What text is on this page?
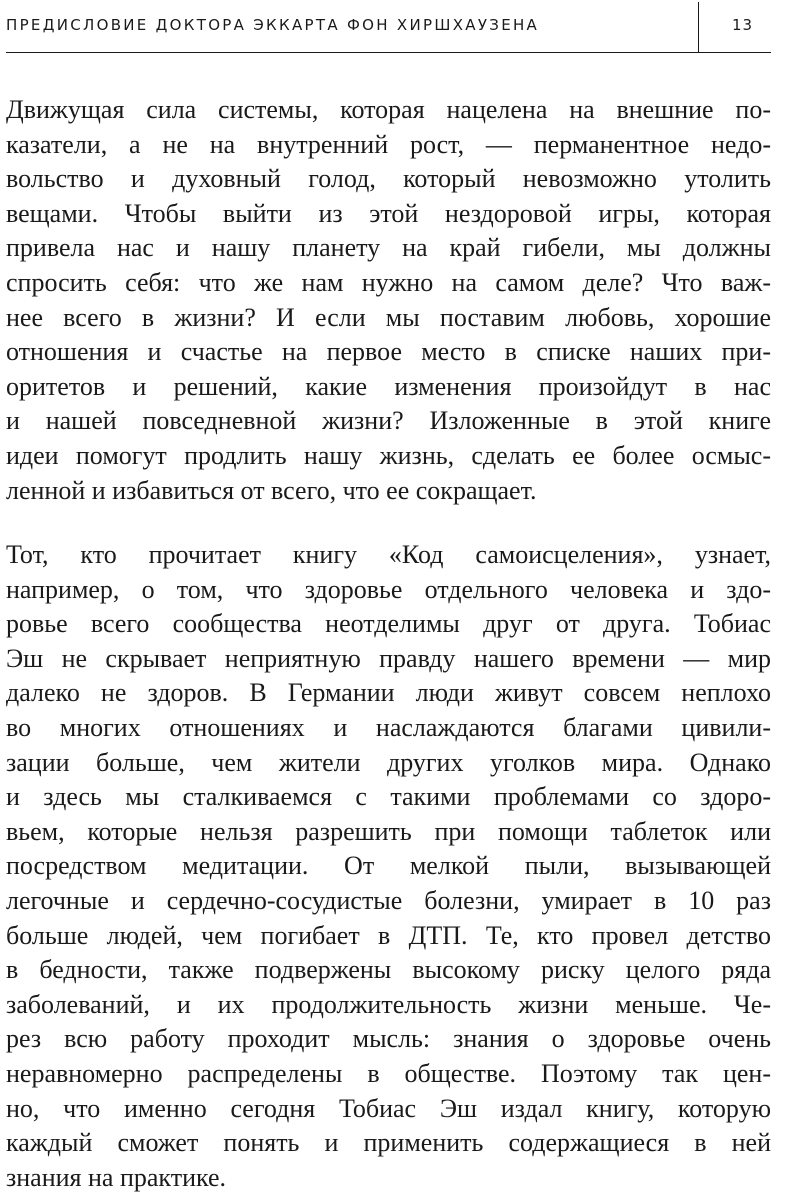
ПРЕДИСЛОВИЕ ДОКТОРА ЭККАРТА ФОН ХИРШХАУЗЕНА	13
Движущая сила системы, которая нацелена на внешние по-
казатели, а не на внутренний рост, — перманентное недо-
вольство и духовный голод, который невозможно утолить
вещами. Чтобы выйти из этой нездоровой игры, которая
привела нас и нашу планету на край гибели, мы должны
спросить себя: что же нам нужно на самом деле? Что важ-
нее всего в жизни? И если мы поставим любовь, хорошие
отношения и счастье на первое место в списке наших при-
оритетов и решений, какие изменения произойдут в нас
и нашей повседневной жизни? Изложенные в этой книге
идеи помогут продлить нашу жизнь, сделать ее более осмыс-
ленной и избавиться от всего, что ее сокращает.
Тот, кто прочитает книгу «Код самоисцеления», узнает,
например, о том, что здоровье отдельного человека и здо-
ровье всего сообщества неотделимы друг от друга. Тобиас
Эш не скрывает неприятную правду нашего времени — мир
далеко не здоров. В Германии люди живут совсем неплохо
во многих отношениях и наслаждаются благами цивили-
зации больше, чем жители других уголков мира. Однако
и здесь мы сталкиваемся с такими проблемами со здоро-
вьем, которые нельзя разрешить при помощи таблеток или
посредством медитации. От мелкой пыли, вызывающей
легочные и сердечно-сосудистые болезни, умирает в 10 раз
больше людей, чем погибает в ДТП. Те, кто провел детство
в бедности, также подвержены высокому риску целого ряда
заболеваний, и их продолжительность жизни меньше. Че-
рез всю работу проходит мысль: знания о здоровье очень
неравномерно распределены в обществе. Поэтому так цен-
но, что именно сегодня Тобиас Эш издал книгу, которую
каждый сможет понять и применить содержащиеся в ней
знания на практике.
